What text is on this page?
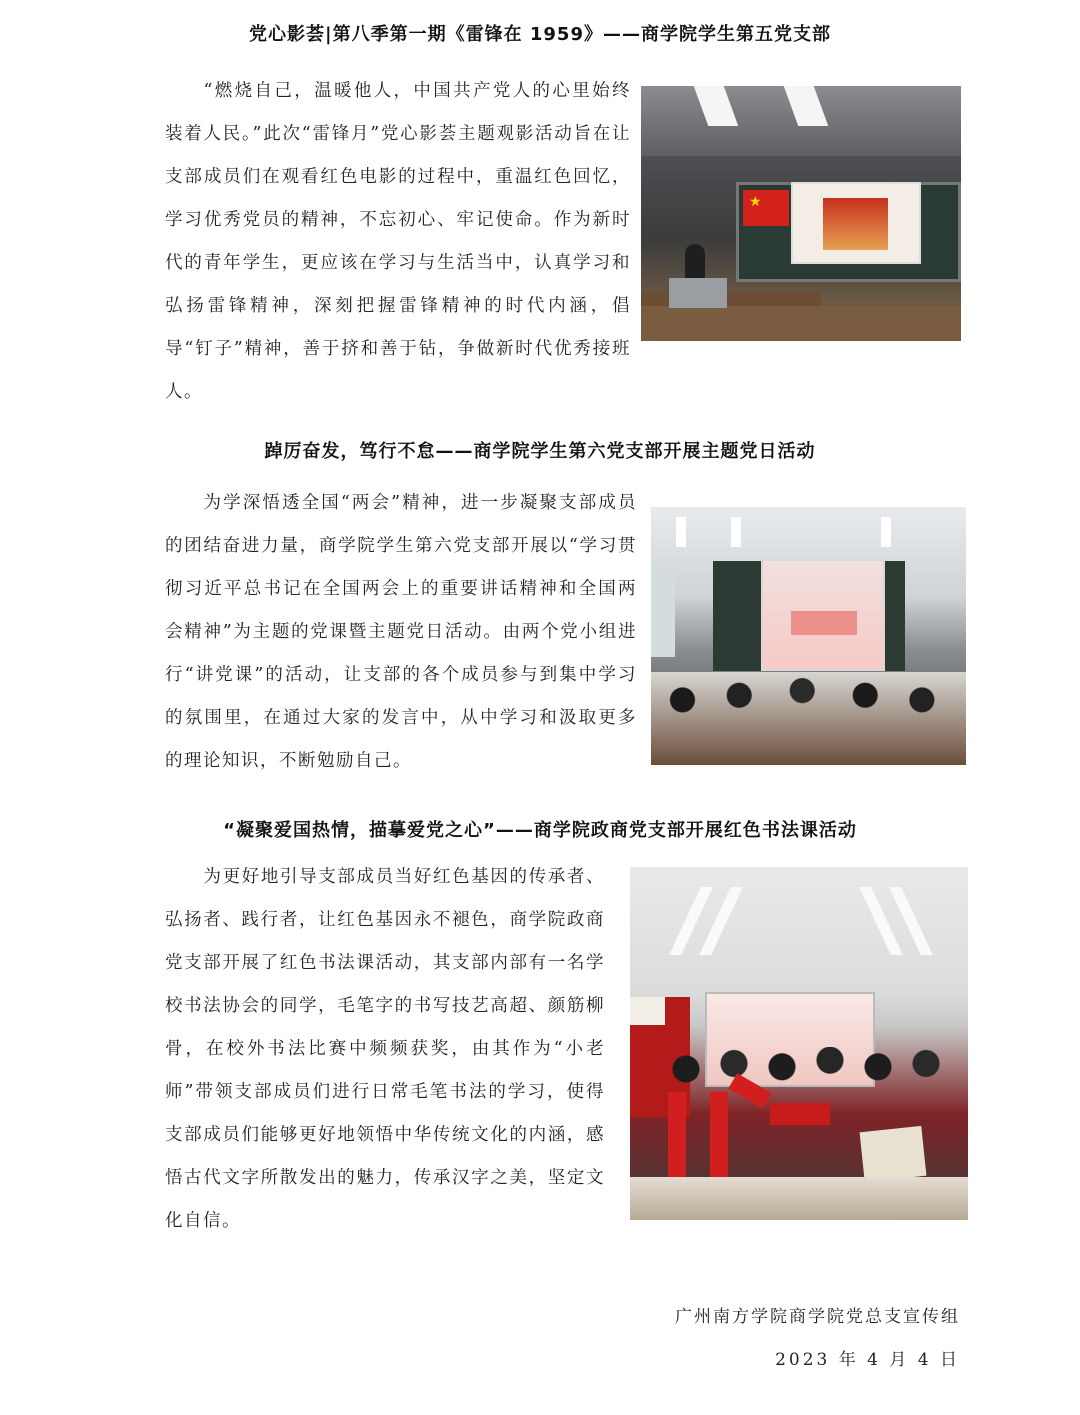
党心影荟|第八季第一期《雷锋在 1959》——商学院学生第五党支部
“燃烧自己，温暖他人，中国共产党人的心里始终装着人民。”此次“雷锋月”党心影荟主题观影活动旨在让支部成员们在观看红色电影的过程中，重温红色回忆，学习优秀党员的精神，不忘初心、牢记使命。作为新时代的青年学生，更应该在学习与生活当中，认真学习和弘扬雷锋精神，深刻把握雷锋精神的时代内涵，倡导“钉子”精神，善于挤和善于钻，争做新时代优秀接班人。
★
踔厉奋发，笃行不怠——商学院学生第六党支部开展主题党日活动
为学深悟透全国“两会”精神，进一步凝聚支部成员的团结奋进力量，商学院学生第六党支部开展以“学习贯彻习近平总书记在全国两会上的重要讲话精神和全国两会精神”为主题的党课暨主题党日活动。由两个党小组进行“讲党课”的活动，让支部的各个成员参与到集中学习的氛围里，在通过大家的发言中，从中学习和汲取更多的理论知识，不断勉励自己。
“凝聚爱国热情，描摹爱党之心”——商学院政商党支部开展红色书法课活动
为更好地引导支部成员当好红色基因的传承者、弘扬者、践行者，让红色基因永不褪色，商学院政商党支部开展了红色书法课活动，其支部内部有一名学校书法协会的同学，毛笔字的书写技艺高超、颜筋柳骨，在校外书法比赛中频频获奖，由其作为“小老师”带领支部成员们进行日常毛笔书法的学习，使得支部成员们能够更好地领悟中华传统文化的内涵，感悟古代文字所散发出的魅力，传承汉字之美，坚定文化自信。
广州南方学院商学院党总支宣传组
2023 年 4 月 4 日
